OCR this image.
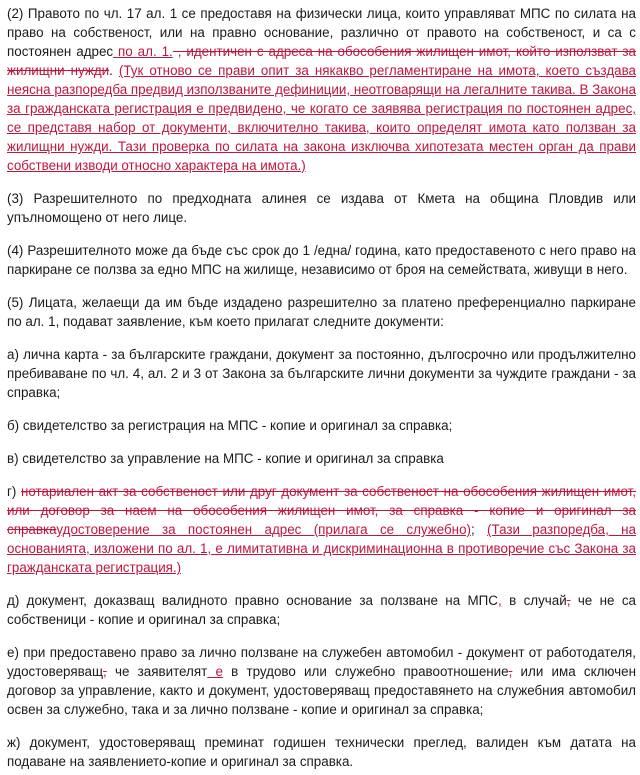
(2) Правото по чл. 17 ал. 1 се предоставя на физически лица, които управляват МПС по силата на право на собственост, или на правно основание, различно от правото на собственост, и са с постоянен адрес по ал. 1. , идентичен с адреса на обособения жилищен имот, който използват за жилищни нужди. (Тук отново се прави опит за някакво регламентиране на имота, което създава неясна разпоредба предвид използваните дефиниции, неотговарящи на легалните такива. В Закона за гражданската регистрация е предвидено, че когато се заявява регистрация по постоянен адрес, се представя набор от документи, включително такива, които определят имота като ползван за жилищни нужди. Тази проверка по силата на закона изключва хипотезата местен орган да прави собствени изводи относно характера на имота.)

(3) Разрешителното по предходната алинея се издава от Кмета на община Пловдив или упълномощено от него лице.

(4) Разрешителното може да бъде със срок до 1 /една/ година, като предоставеното с него право на паркиране се ползва за едно МПС на жилище, независимо от броя на семействата, живущи в него.

(5) Лицата, желаещи да им бъде издадено разрешително за платено преференциално паркиране по ал. 1, подават заявление, към което прилагат следните документи:

а) лична карта - за българските граждани, документ за постоянно, дългосрочно или продължително пребиваване по чл. 4, ал. 2 и 3 от Закона за българските лични документи за чуждите граждани - за справка;

б) свидетелство за регистрация на МПС - копие и оригинал за справка;

в) свидетелство за управление на МПС - копие и оригинал за справка

г) нотариален акт за собственост или друг документ за собственост на обособения жилищен имот, или договор за наем на обособения жилищен имот, за справка - копие и оригинал за справкаудостоверение за постоянен адрес (прилага се служебно); (Тази разпоредба, на основанията, изложени по ал. 1, е лимитативна и дискриминационна в противоречие със Закона за гражданската регистрация.)

д) документ, доказващ валидното правно основание за ползване на МПС, в случай, че не са собственици - копие и оригинал за справка;

е) при предоставено право за лично ползване на служебен автомобил - документ от работодателя, удостоверяващ, че заявителят е в трудово или служебно правоотношение, или има сключен договор за управление, както и документ, удостоверяващ предоставянето на служебния автомобил освен за служебно, така и за лично ползване - копие и оригинал за справка;

ж) документ, удостоверяващ преминат годишен технически преглед, валиден към датата на подаване на заявлението-копие и оригинал за справка.
